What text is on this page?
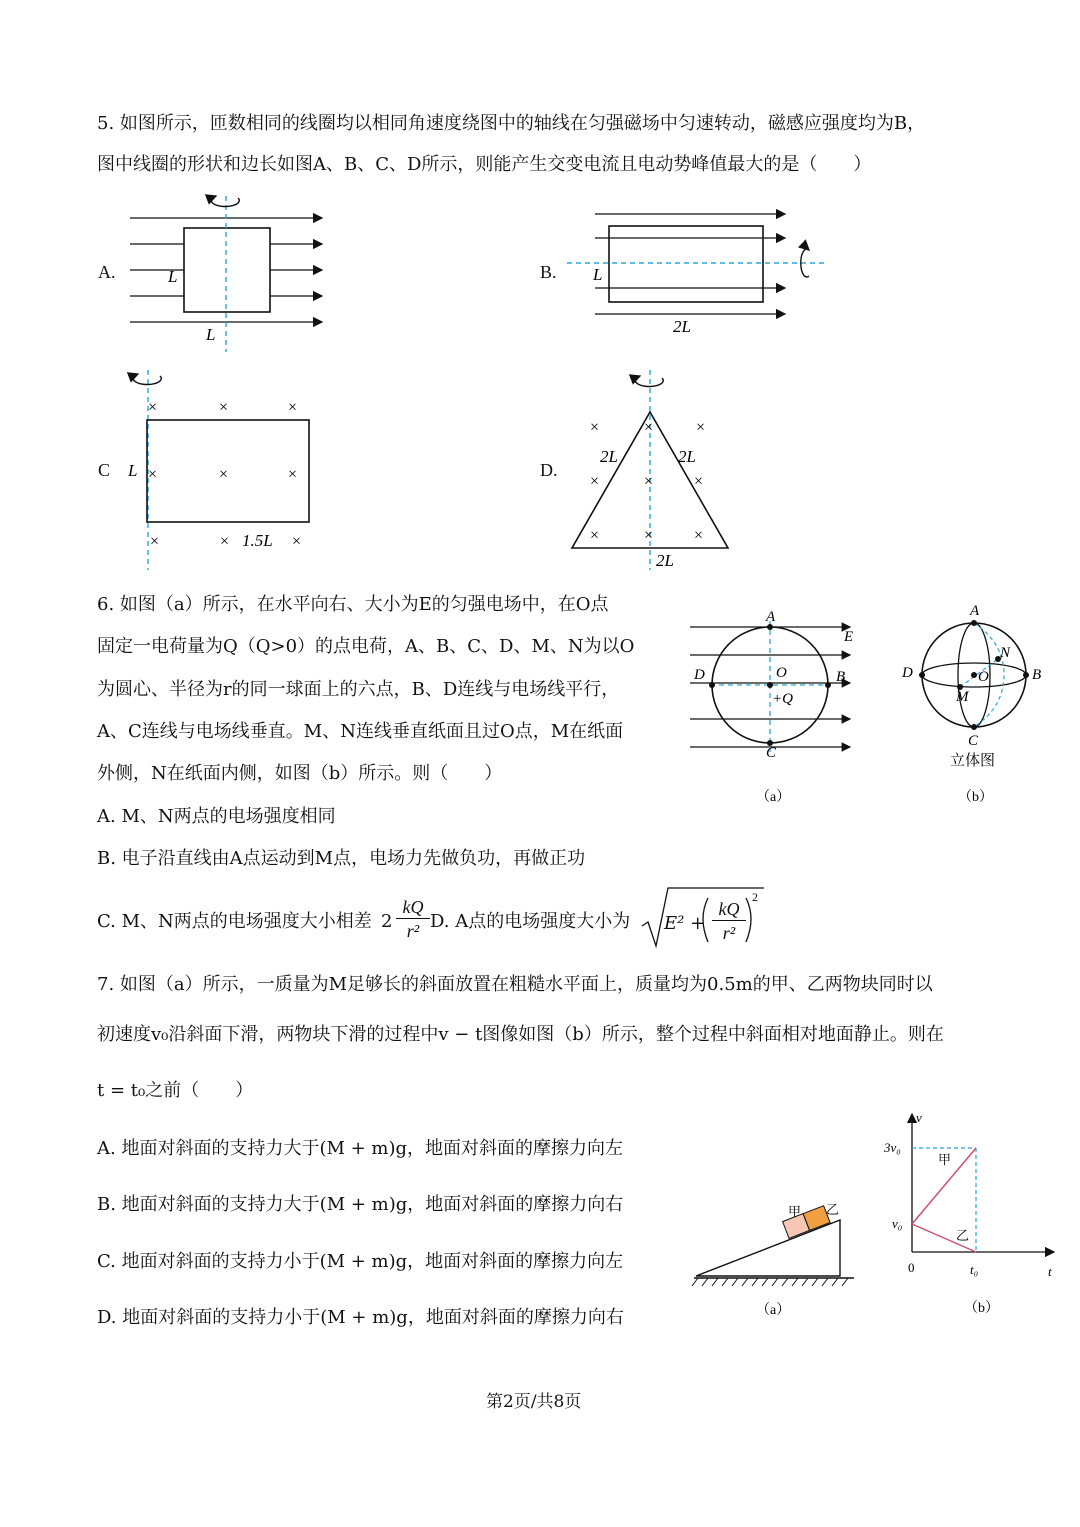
5. 如图所示，匝数相同的线圈均以相同角速度绕图中的轴线在匀强磁场中匀速转动，磁感应强度均为B，
图中线圈的形状和边长如图A、B、C、D所示，则能产生交变电流且电动势峰值最大的是（　　）
A.	L
L
B. L
2L
C
×	×	×
×	×	×
×	×	×
L
1.5L
D.
×	×	×
×	×	×
×	×	×
2L	2L
2L
6. 如图（a）所示，在水平向右、大小为E的匀强电场中，在O点
固定一电荷量为Q（Q>0）的点电荷，A、B、C、D、M、N为以O
为圆心、半径为r的同一球面上的六点，B、D连线与电场线平行，
A、C连线与电场线垂直。M、N连线垂直纸面且过O点，M在纸面
外侧，N在纸面内侧，如图（b）所示。则（　　）
A. M、N两点的电场强度相同
B. 电子沿直线由A点运动到M点，电场力先做负功，再做正功
C. M、N两点的电场强度大小相差 2
kQ
r² D. A点的电场强度大小为 E² +
kQ
r²
2
A
B
C
D	O
+Q
E
（a）
A
B
C
D	O
M
N
立体图
（b）
7. 如图（a）所示，一质量为M足够长的斜面放置在粗糙水平面上，质量均为0.5m的甲、乙两物块同时以
初速度v₀沿斜面下滑，两物块下滑的过程中v − t图像如图（b）所示，整个过程中斜面相对地面静止。则在
t = t₀之前（　　）
A. 地面对斜面的支持力大于(M + m)g，地面对斜面的摩擦力向左
B. 地面对斜面的支持力大于(M + m)g，地面对斜面的摩擦力向右
C. 地面对斜面的支持力小于(M + m)g，地面对斜面的摩擦力向左
D. 地面对斜面的支持力小于(M + m)g，地面对斜面的摩擦力向右
甲 乙
（a）
v
t
3v₀
v₀
t₀
0
甲
乙
（b）
第2页/共8页
